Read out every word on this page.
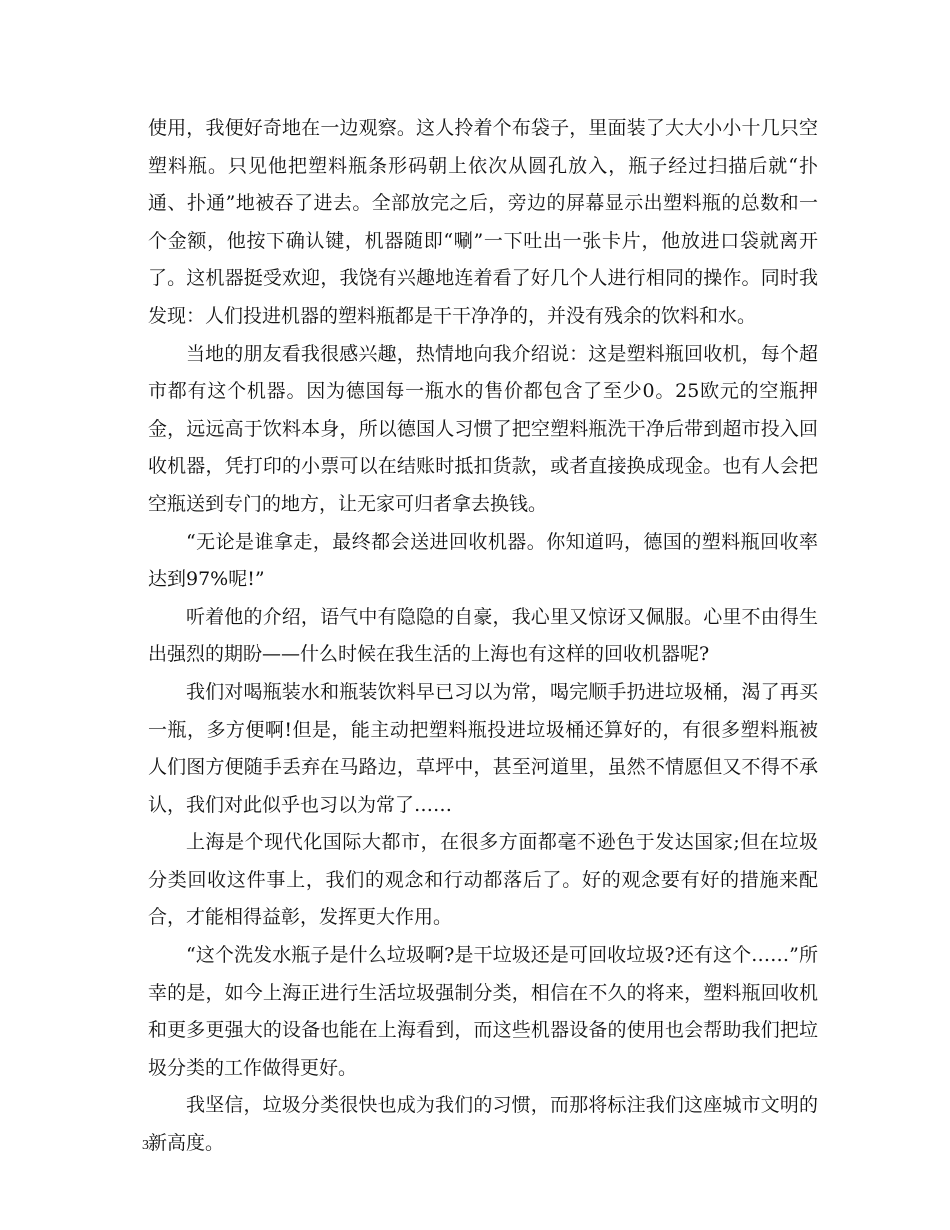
使用，我便好奇地在一边观察。这人拎着个布袋子，里面装了大大小小十几只空塑料瓶。只见他把塑料瓶条形码朝上依次从圆孔放入，瓶子经过扫描后就“扑通、扑通”地被吞了进去。全部放完之后，旁边的屏幕显示出塑料瓶的总数和一个金额，他按下确认键，机器随即“唰”一下吐出一张卡片，他放进口袋就离开了。这机器挺受欢迎，我饶有兴趣地连着看了好几个人进行相同的操作。同时我发现：人们投进机器的塑料瓶都是干干净净的，并没有残余的饮料和水。

当地的朋友看我很感兴趣，热情地向我介绍说：这是塑料瓶回收机，每个超市都有这个机器。因为德国每一瓶水的售价都包含了至少0。25欧元的空瓶押金，远远高于饮料本身，所以德国人习惯了把空塑料瓶洗干净后带到超市投入回收机器，凭打印的小票可以在结账时抵扣货款，或者直接换成现金。也有人会把空瓶送到专门的地方，让无家可归者拿去换钱。

“无论是谁拿走，最终都会送进回收机器。你知道吗，德国的塑料瓶回收率达到97%呢!”

听着他的介绍，语气中有隐隐的自豪，我心里又惊讶又佩服。心里不由得生出强烈的期盼——什么时候在我生活的上海也有这样的回收机器呢?

我们对喝瓶装水和瓶装饮料早已习以为常，喝完顺手扔进垃圾桶，渴了再买一瓶，多方便啊!但是，能主动把塑料瓶投进垃圾桶还算好的，有很多塑料瓶被人们图方便随手丢弃在马路边，草坪中，甚至河道里，虽然不情愿但又不得不承认，我们对此似乎也习以为常了……

上海是个现代化国际大都市，在很多方面都毫不逊色于发达国家;但在垃圾分类回收这件事上，我们的观念和行动都落后了。好的观念要有好的措施来配合，才能相得益彰，发挥更大作用。

“这个洗发水瓶子是什么垃圾啊?是干垃圾还是可回收垃圾?还有这个……”所幸的是，如今上海正进行生活垃圾强制分类，相信在不久的将来，塑料瓶回收机和更多更强大的设备也能在上海看到，而这些机器设备的使用也会帮助我们把垃圾分类的工作做得更好。

我坚信，垃圾分类很快也成为我们的习惯，而那将标注我们这座城市文明的新高度。

3
